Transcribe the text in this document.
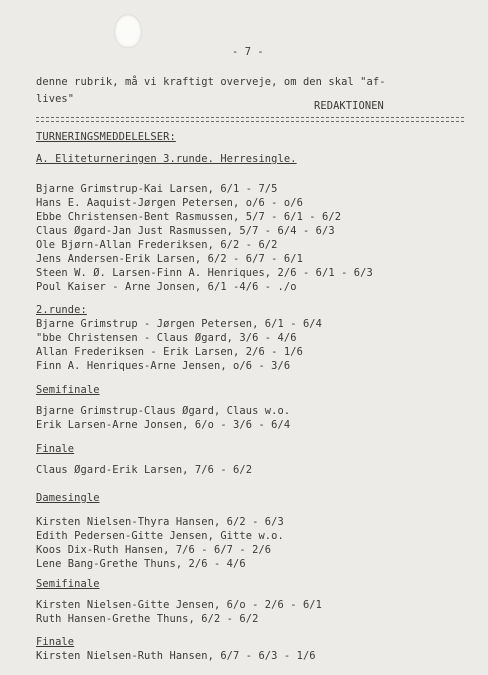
- 7 -
denne rubrik, må vi kraftigt overveje, om den skal "af-
lives"
REDAKTIONEN
TURNERINGSMEDDELELSER:
A. Eliteturneringen 3.runde. Herresingle.
Bjarne Grimstrup-Kai Larsen, 6/1 - 7/5
Hans E. Aaquist-Jørgen Petersen, o/6 - o/6
Ebbe Christensen-Bent Rasmussen, 5/7 - 6/1 - 6/2
Claus Øgard-Jan Just Rasmussen, 5/7 - 6/4 - 6/3
Ole Bjørn-Allan Frederiksen, 6/2 - 6/2
Jens Andersen-Erik Larsen, 6/2 - 6/7 - 6/1
Steen W. Ø. Larsen-Finn A. Henriques, 2/6 - 6/1 - 6/3
Poul Kaiser - Arne Jonsen, 6/1 -4/6 - ./o
2.runde:
Bjarne Grimstrup - Jørgen Petersen, 6/1 - 6/4
"bbe Christensen - Claus Øgard, 3/6 - 4/6
Allan Frederiksen - Erik Larsen, 2/6 - 1/6
Finn A. Henriques-Arne Jensen, o/6 - 3/6
Semifinale
Bjarne Grimstrup-Claus Øgard, Claus w.o.
Erik Larsen-Arne Jonsen, 6/o - 3/6 - 6/4
Finale
Claus Øgard-Erik Larsen, 7/6 - 6/2
Damesingle
Kirsten Nielsen-Thyra Hansen, 6/2 - 6/3
Edith Pedersen-Gitte Jensen, Gitte w.o.
Koos Dix-Ruth Hansen, 7/6 - 6/7 - 2/6
Lene Bang-Grethe Thuns, 2/6 - 4/6
Semifinale
Kirsten Nielsen-Gitte Jensen, 6/o - 2/6 - 6/1
Ruth Hansen-Grethe Thuns, 6/2 - 6/2
Finale
Kirsten Nielsen-Ruth Hansen, 6/7 - 6/3 - 1/6
